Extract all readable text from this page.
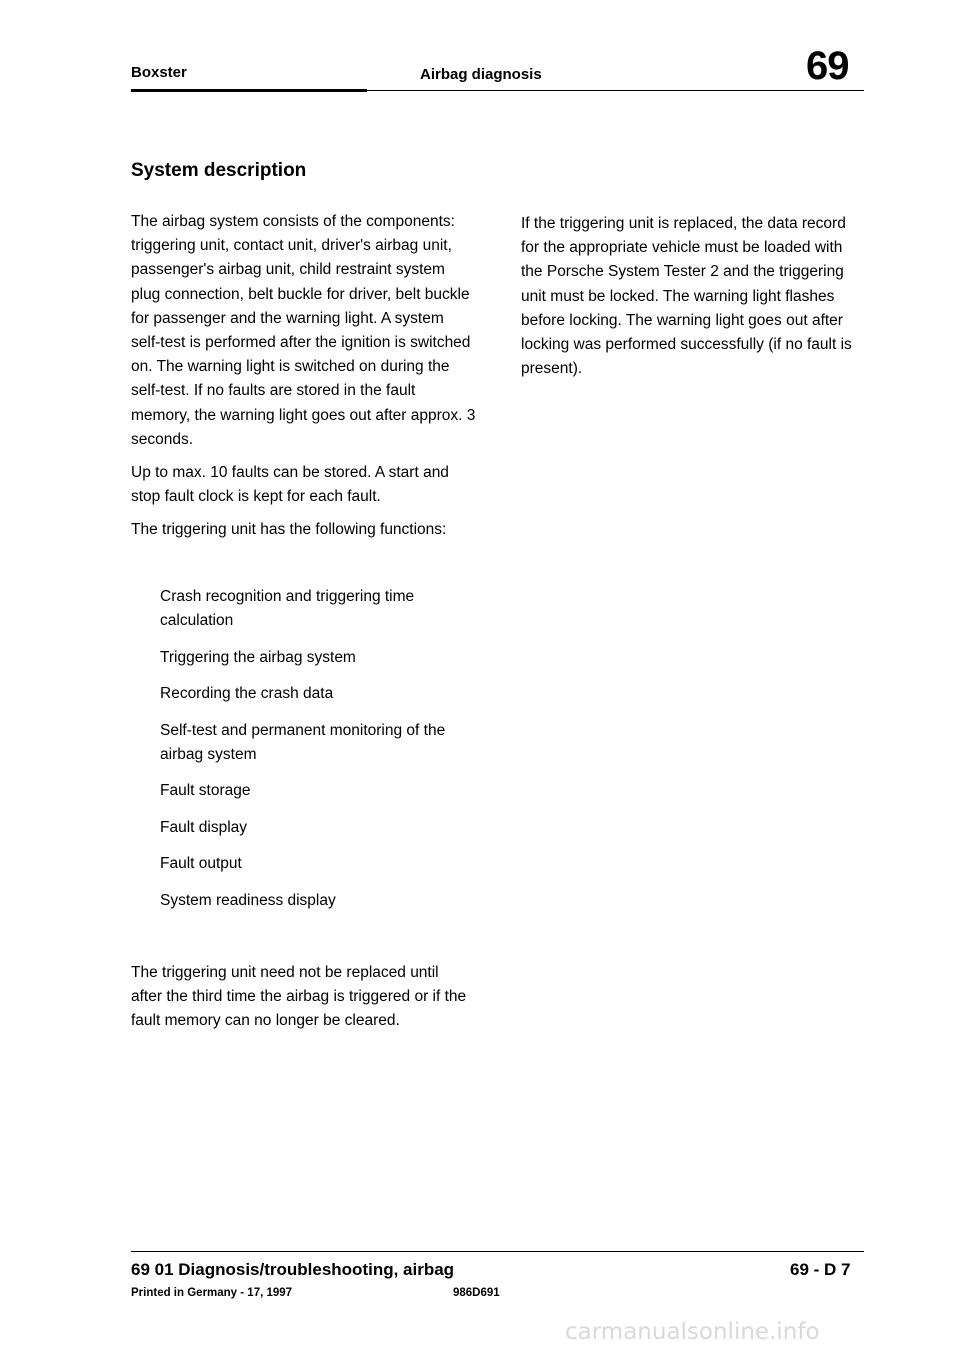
Boxster	Airbag diagnosis	69
System description

The airbag system consists of the components: triggering unit, contact unit, driver's airbag unit, passenger's airbag unit, child restraint system plug connection, belt buckle for driver, belt buckle for passenger and the warning light. A system self-test is performed after the ignition is switched on. The warning light is switched on during the self-test. If no faults are stored in the fault memory, the warning light goes out after approx. 3 seconds.

Up to max. 10 faults can be stored. A start and stop fault clock is kept for each fault.

The triggering unit has the following functions:

Crash recognition and triggering time calculation
Triggering the airbag system
Recording the crash data
Self-test and permanent monitoring of the airbag system
Fault storage
Fault display
Fault output
System readiness display
The triggering unit need not be replaced until after the third time the airbag is triggered or if the fault memory can no longer be cleared.

If the triggering unit is replaced, the data record for the appropriate vehicle must be loaded with the Porsche System Tester 2 and the triggering unit must be locked. The warning light flashes before locking. The warning light goes out after locking was performed successfully (if no fault is present).

69 01 Diagnosis/troubleshooting, airbag	69 - D 7
Printed in Germany - 17, 1997	986D691
carmanualsonline.info
